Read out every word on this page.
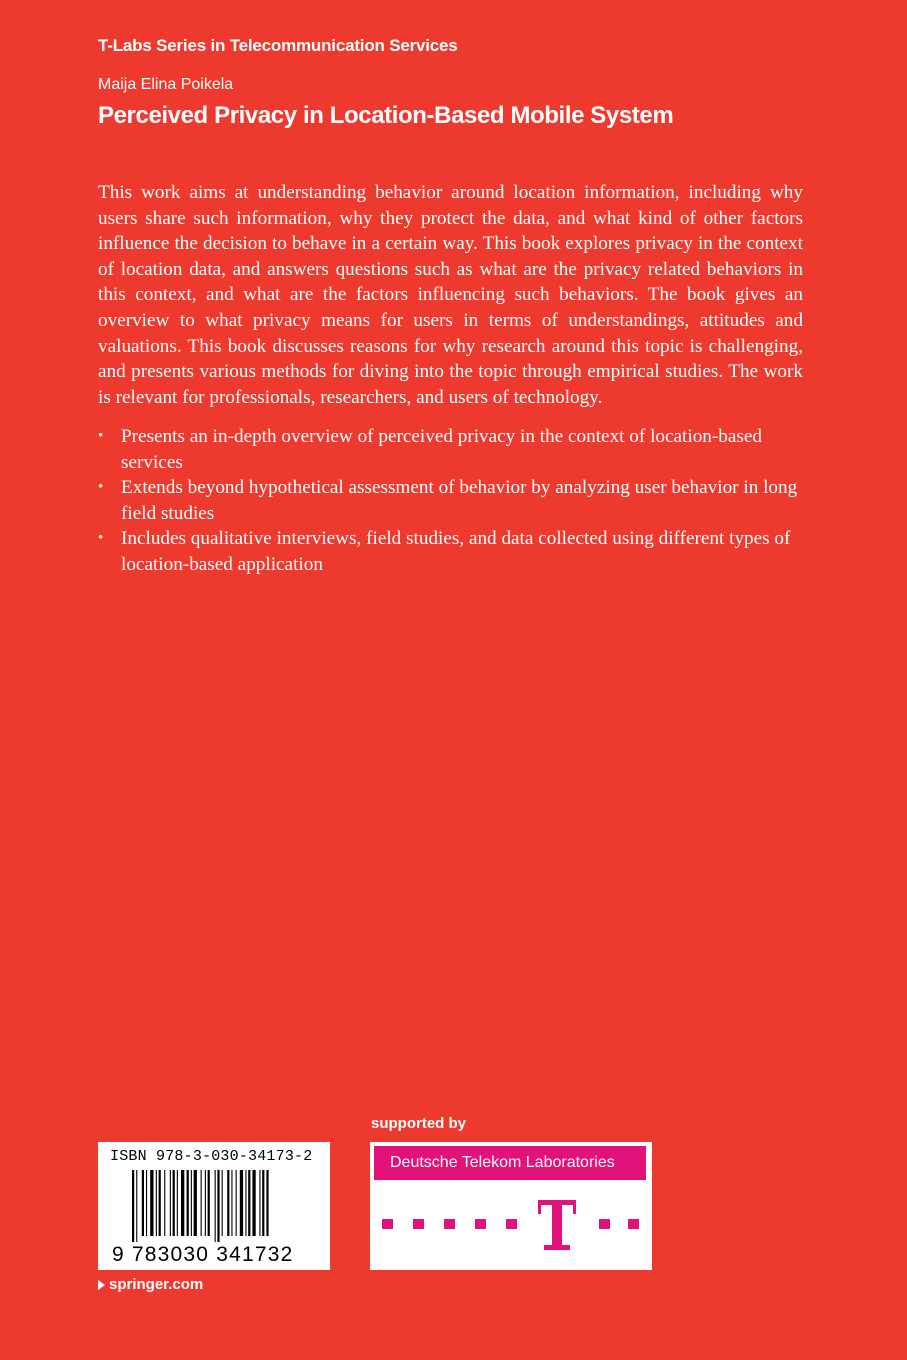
T-Labs Series in Telecommunication Services
Maija Elina Poikela
Perceived Privacy in Location-Based Mobile System

This work aims at understanding behavior around location information, including why users share such information, why they protect the data, and what kind of other factors influence the decision to behave in a certain way. This book explores privacy in the context of location data, and answers questions such as what are the privacy related behaviors in this context, and what are the factors influencing such behaviors. The book gives an overview to what privacy means for users in terms of understandings, attitudes and valuations. This book discusses reasons for why research around this topic is challenging, and presents various methods for diving into the topic through empirical studies. The work is relevant for professionals, researchers, and users of technology.

• Presents an in-depth overview of perceived privacy in the context of location-based services
• Extends beyond hypothetical assessment of behavior by analyzing user behavior in long field studies
• Includes qualitative interviews, field studies, and data collected using different types of location-based application
supported by
Deutsche Telekom Laboratories
ISBN 978-3-030-34173-2
9 783030 341732
springer.com
